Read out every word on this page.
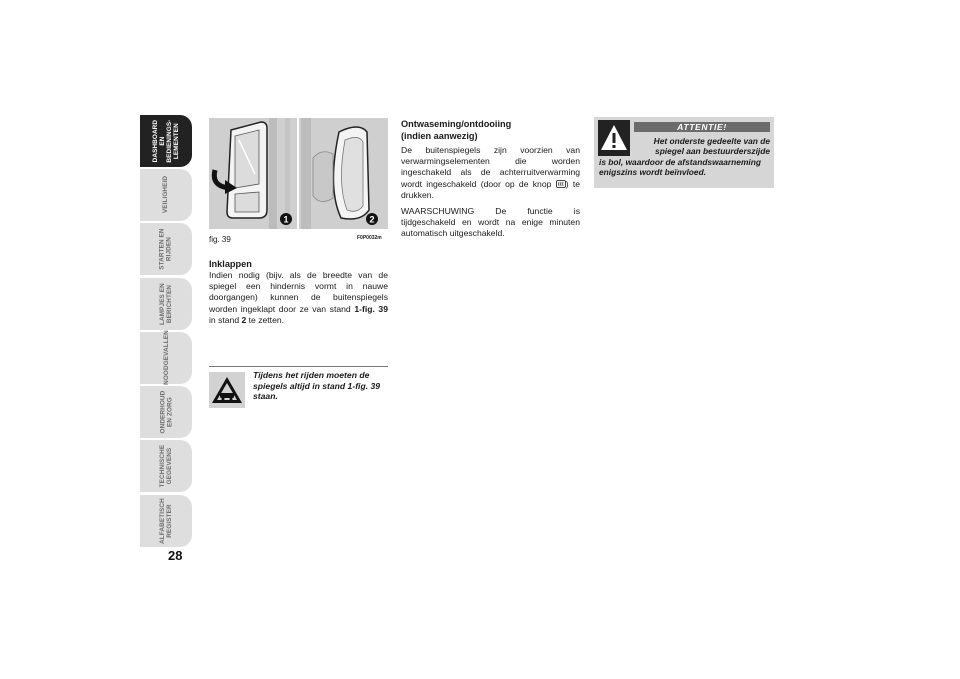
DASHBOARD EN
BEDIENINGS-
LEMENTEN
VEILIGHEID
STARTEN EN
RIJDEN
LAMPJES EN
BERICHTEN
NOODGEVALLEN
ONDERHOUD
EN ZORG
TECHNISCHE
GEGEVENS
ALFABETISCH
REGISTER
28
1	2
fig. 39	F0P0032m
Inklappen

Indien nodig (bijv. als de breedte van de spiegel een hindernis vormt in nauwe doorgangen) kunnen de buitenspiegels worden ingeklapt door ze van stand 1-fig. 39 in stand 2 te zetten.

Tijdens het rijden moeten de spiegels altijd in stand 1-fig. 39 staan.
Ontwaseming/ontdooiing
(indien aanwezig)

De buitenspiegels zijn voorzien van verwarmingselementen die worden ingeschakeld als de achterruitverwarming wordt ingeschakeld (door op de knop ) te drukken.

WAARSCHUWING De functie is tijdgeschakeld en wordt na enige minuten automatisch uitgeschakeld.

ATTENTIE!
Het onderste gedeelte van de
spiegel aan bestuurderszijde
is bol, waardoor de afstandswaarneming enigszins wordt beïnvloed.
